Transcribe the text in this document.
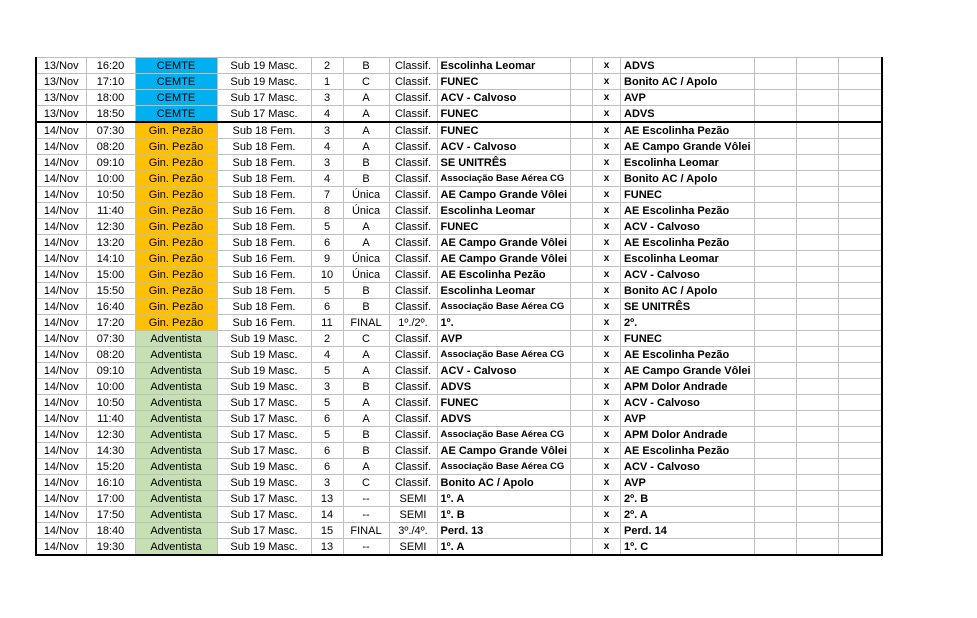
13/Nov	16:20	CEMTE	Sub 19 Masc.	2	B	Classif.	Escolinha Leomar		x	ADVS			
13/Nov	17:10	CEMTE	Sub 19 Masc.	1	C	Classif.	FUNEC		x	Bonito AC / Apolo			
13/Nov	18:00	CEMTE	Sub 17 Masc.	3	A	Classif.	ACV - Calvoso		x	AVP			
13/Nov	18:50	CEMTE	Sub 17 Masc.	4	A	Classif.	FUNEC		x	ADVS			
14/Nov	07:30	Gin. Pezão	Sub 18 Fem.	3	A	Classif.	FUNEC		x	AE Escolinha Pezão			
14/Nov	08:20	Gin. Pezão	Sub 18 Fem.	4	A	Classif.	ACV - Calvoso		x	AE Campo Grande Vôlei			
14/Nov	09:10	Gin. Pezão	Sub 18 Fem.	3	B	Classif.	SE UNITRÊS		x	Escolinha Leomar			
14/Nov	10:00	Gin. Pezão	Sub 18 Fem.	4	B	Classif.	Associação Base Aérea CG		x	Bonito AC / Apolo			
14/Nov	10:50	Gin. Pezão	Sub 18 Fem.	7	Única	Classif.	AE Campo Grande Vôlei		x	FUNEC			
14/Nov	11:40	Gin. Pezão	Sub 16 Fem.	8	Única	Classif.	Escolinha Leomar		x	AE Escolinha Pezão			
14/Nov	12:30	Gin. Pezão	Sub 18 Fem.	5	A	Classif.	FUNEC		x	ACV - Calvoso			
14/Nov	13:20	Gin. Pezão	Sub 18 Fem.	6	A	Classif.	AE Campo Grande Vôlei		x	AE Escolinha Pezão			
14/Nov	14:10	Gin. Pezão	Sub 16 Fem.	9	Única	Classif.	AE Campo Grande Vôlei		x	Escolinha Leomar			
14/Nov	15:00	Gin. Pezão	Sub 16 Fem.	10	Única	Classif.	AE Escolinha Pezão		x	ACV - Calvoso			
14/Nov	15:50	Gin. Pezão	Sub 18 Fem.	5	B	Classif.	Escolinha Leomar		x	Bonito AC / Apolo			
14/Nov	16:40	Gin. Pezão	Sub 18 Fem.	6	B	Classif.	Associação Base Aérea CG		x	SE UNITRÊS			
14/Nov	17:20	Gin. Pezão	Sub 16 Fem.	11	FINAL	1º./2º.	1º.		x	2º.			
14/Nov	07:30	Adventista	Sub 19 Masc.	2	C	Classif.	AVP		x	FUNEC			
14/Nov	08:20	Adventista	Sub 19 Masc.	4	A	Classif.	Associação Base Aérea CG		x	AE Escolinha Pezão			
14/Nov	09:10	Adventista	Sub 19 Masc.	5	A	Classif.	ACV - Calvoso		x	AE Campo Grande Vôlei			
14/Nov	10:00	Adventista	Sub 19 Masc.	3	B	Classif.	ADVS		x	APM Dolor Andrade			
14/Nov	10:50	Adventista	Sub 17 Masc.	5	A	Classif.	FUNEC		x	ACV - Calvoso			
14/Nov	11:40	Adventista	Sub 17 Masc.	6	A	Classif.	ADVS		x	AVP			
14/Nov	12:30	Adventista	Sub 17 Masc.	5	B	Classif.	Associação Base Aérea CG		x	APM Dolor Andrade			
14/Nov	14:30	Adventista	Sub 17 Masc.	6	B	Classif.	AE Campo Grande Vôlei		x	AE Escolinha Pezão			
14/Nov	15:20	Adventista	Sub 19 Masc.	6	A	Classif.	Associação Base Aérea CG		x	ACV - Calvoso			
14/Nov	16:10	Adventista	Sub 19 Masc.	3	C	Classif.	Bonito AC / Apolo		x	AVP			
14/Nov	17:00	Adventista	Sub 17 Masc.	13	--	SEMI	1º. A		x	2º. B			
14/Nov	17:50	Adventista	Sub 17 Masc.	14	--	SEMI	1º. B		x	2º. A			
14/Nov	18:40	Adventista	Sub 17 Masc.	15	FINAL	3º./4º.	Perd. 13		x	Perd. 14			
14/Nov	19:30	Adventista	Sub 19 Masc.	13	--	SEMI	1º. A		x	1º. C			
